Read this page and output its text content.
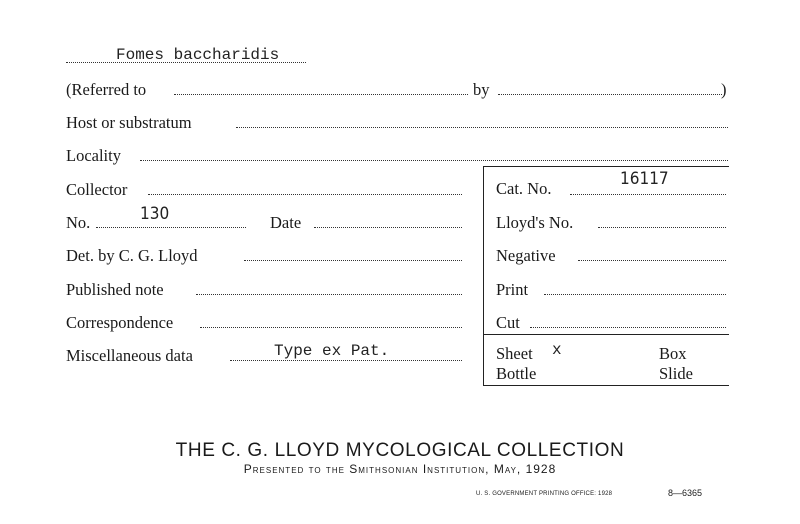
Fomes baccharidis
(Referred to	by	)
Host or substratum
Locality
Collector
No.	130	Date
Det. by C. G. Lloyd
Published note
Correspondence
Miscellaneous data	Type ex Pat.
Cat. No.	16117
Lloyd's No.
Negative
Print
Cut
Sheet x	Box
Bottle	Slide
THE C. G. LLOYD MYCOLOGICAL COLLECTION
Presented to the Smithsonian Institution, May, 1928
U. S. GOVERNMENT PRINTING OFFICE: 1928	8—6365
